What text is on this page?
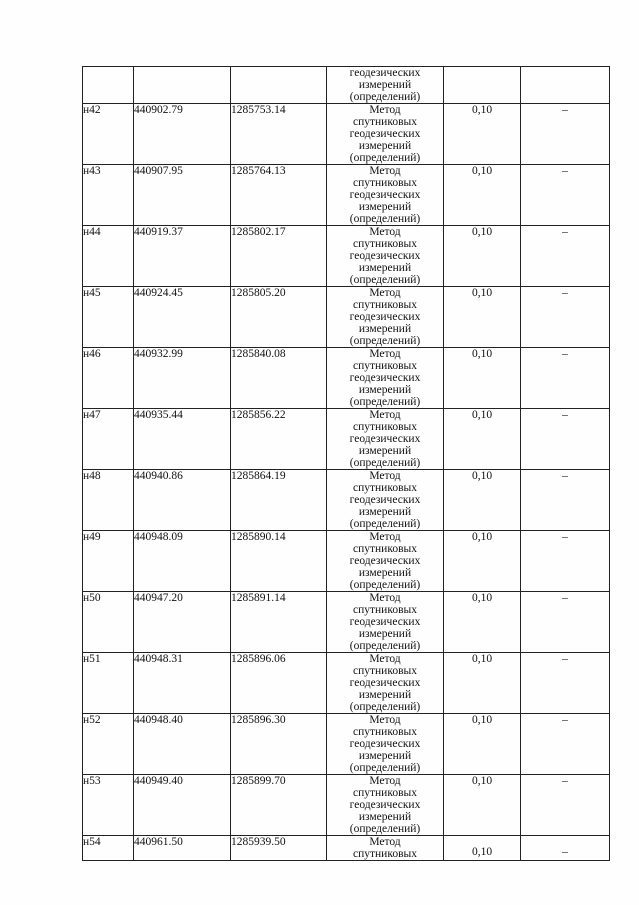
			геодезических
измерений
(определений)		

н42	440902.79	1285753.14	Метод
спутниковых
геодезических
измерений
(определений)	0,10	–
н43	440907.95	1285764.13	Метод
спутниковых
геодезических
измерений
(определений)	0,10	–
н44	440919.37	1285802.17	Метод
спутниковых
геодезических
измерений
(определений)	0,10	–
н45	440924.45	1285805.20	Метод
спутниковых
геодезических
измерений
(определений)	0,10	–
н46	440932.99	1285840.08	Метод
спутниковых
геодезических
измерений
(определений)	0,10	–
н47	440935.44	1285856.22	Метод
спутниковых
геодезических
измерений
(определений)	0,10	–
н48	440940.86	1285864.19	Метод
спутниковых
геодезических
измерений
(определений)	0,10	–
н49	440948.09	1285890.14	Метод
спутниковых
геодезических
измерений
(определений)	0,10	–
н50	440947.20	1285891.14	Метод
спутниковых
геодезических
измерений
(определений)	0,10	–
н51	440948.31	1285896.06	Метод
спутниковых
геодезических
измерений
(определений)	0,10	–
н52	440948.40	1285896.30	Метод
спутниковых
геодезических
измерений
(определений)	0,10	–
н53	440949.40	1285899.70	Метод
спутниковых
геодезических
измерений
(определений)	0,10	–
н54	440961.50	1285939.50	Метод
спутниковых	0,10	–
